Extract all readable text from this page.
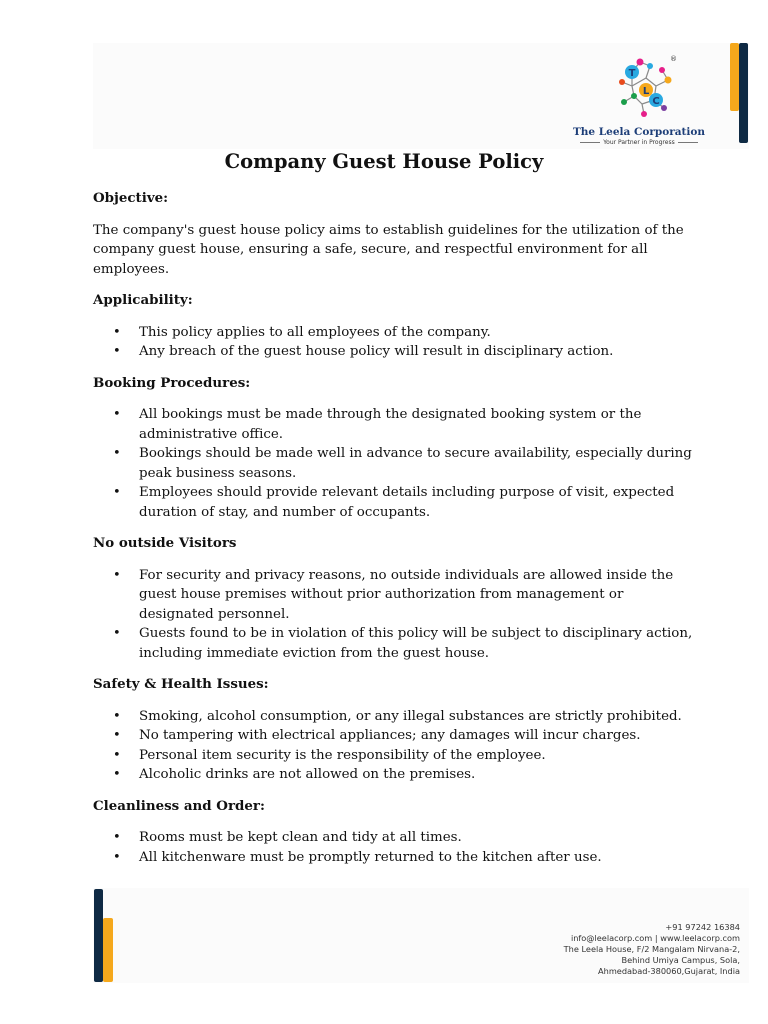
T
L
C
®
The Leela Corporation
Your Partner in Progress
Company Guest House Policy
Objective:
The company's guest house policy aims to establish guidelines for the utilization of the company guest house, ensuring a safe, secure, and respectful environment for all employees.
Applicability:
• This policy applies to all employees of the company.
• Any breach of the guest house policy will result in disciplinary action.
Booking Procedures:
• All bookings must be made through the designated booking system or the administrative office.
• Bookings should be made well in advance to secure availability, especially during peak business seasons.
• Employees should provide relevant details including purpose of visit, expected duration of stay, and number of occupants.
No outside Visitors
• For security and privacy reasons, no outside individuals are allowed inside the guest house premises without prior authorization from management or designated personnel.
• Guests found to be in violation of this policy will be subject to disciplinary action, including immediate eviction from the guest house.
Safety & Health Issues:
• Smoking, alcohol consumption, or any illegal substances are strictly prohibited.
• No tampering with electrical appliances; any damages will incur charges.
• Personal item security is the responsibility of the employee.
• Alcoholic drinks are not allowed on the premises.
Cleanliness and Order:
• Rooms must be kept clean and tidy at all times.
• All kitchenware must be promptly returned to the kitchen after use.
+91 97242 16384
info@leelacorp.com | www.leelacorp.com
The Leela House, F/2 Mangalam Nirvana-2,
Behind Umiya Campus, Sola,
Ahmedabad-380060,Gujarat, India
